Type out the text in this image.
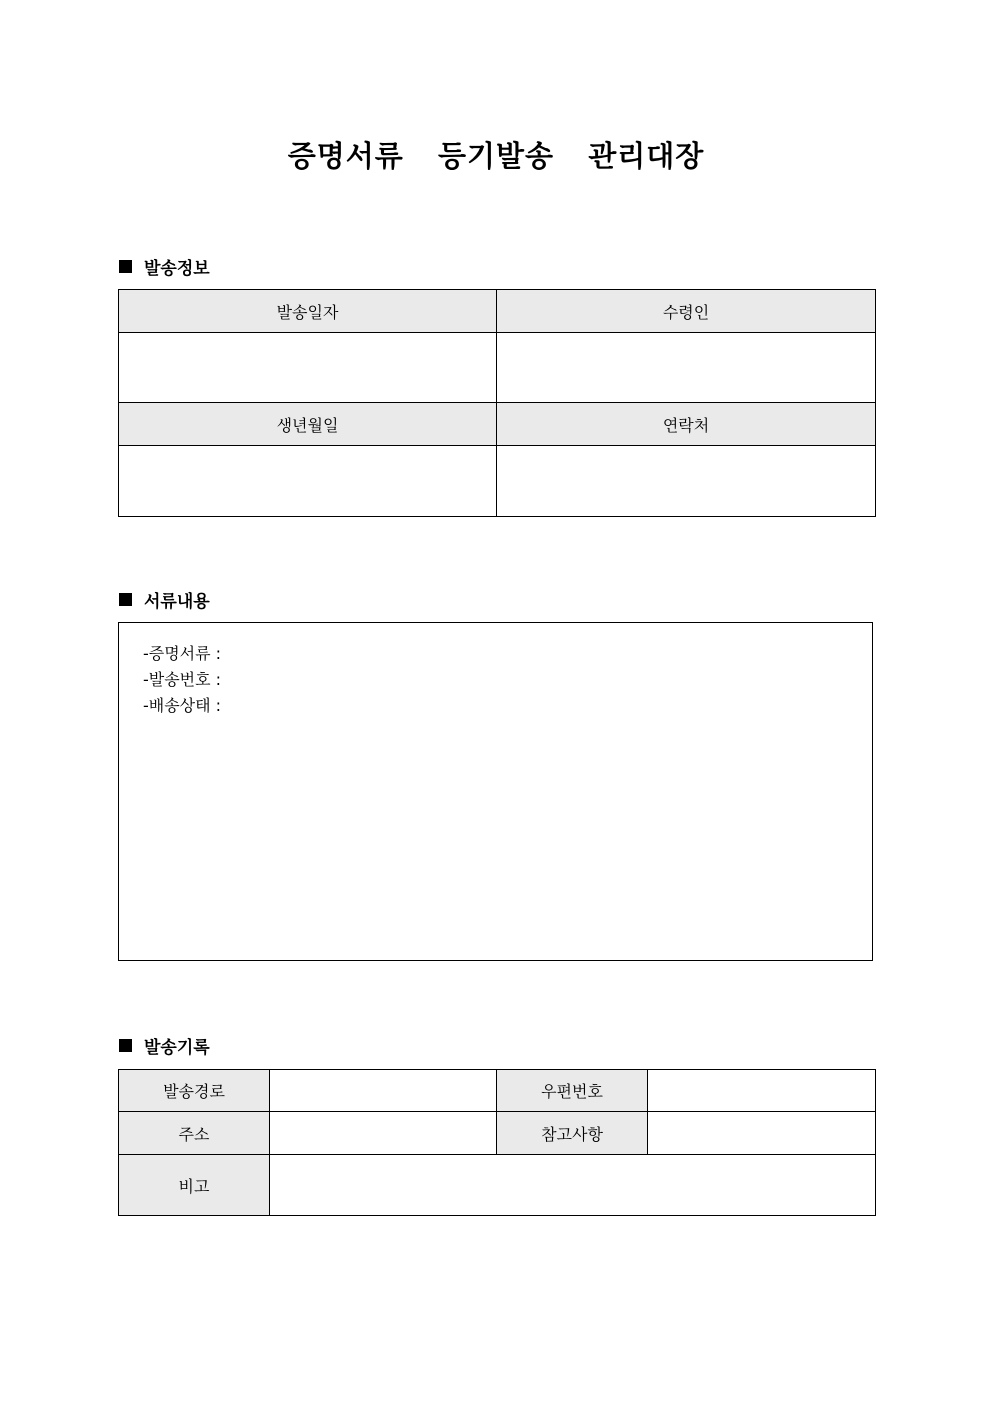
증명서류  등기발송  관리대장
발송정보
발송일자	수령인

생년월일	연락처

서류내용
-증명서류 :
-발송번호 :
-배송상태 :
발송기록
발송경로		우편번호	
주소		참고사항	
비고			
